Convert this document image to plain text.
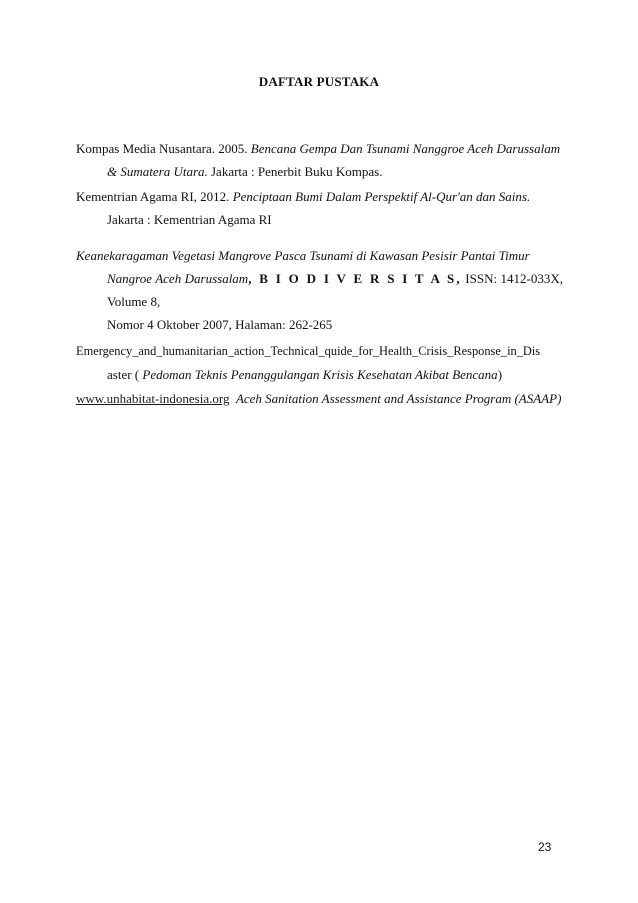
DAFTAR PUSTAKA
Kompas Media Nusantara. 2005. Bencana Gempa Dan Tsunami Nanggroe Aceh Darussalam
& Sumatera Utara. Jakarta : Penerbit Buku Kompas.
Kementrian Agama RI, 2012. Penciptaan Bumi Dalam Perspektif Al-Qur'an dan Sains.
Jakarta : Kementrian Agama RI
Keanekaragaman Vegetasi Mangrove Pasca Tsunami di Kawasan Pesisir Pantai Timur
Nangroe Aceh Darussalam, B I O D I V E R S I T A S, ISSN: 1412-033X, Volume 8,
Nomor 4 Oktober 2007, Halaman: 262-265
Emergency_and_humanitarian_action_Technical_quide_for_Health_Crisis_Response_in_Dis
aster ( Pedoman Teknis Penanggulangan Krisis Kesehatan Akibat Bencana)
www.unhabitat-indonesia.org Aceh Sanitation Assessment and Assistance Program (ASAAP)
23
